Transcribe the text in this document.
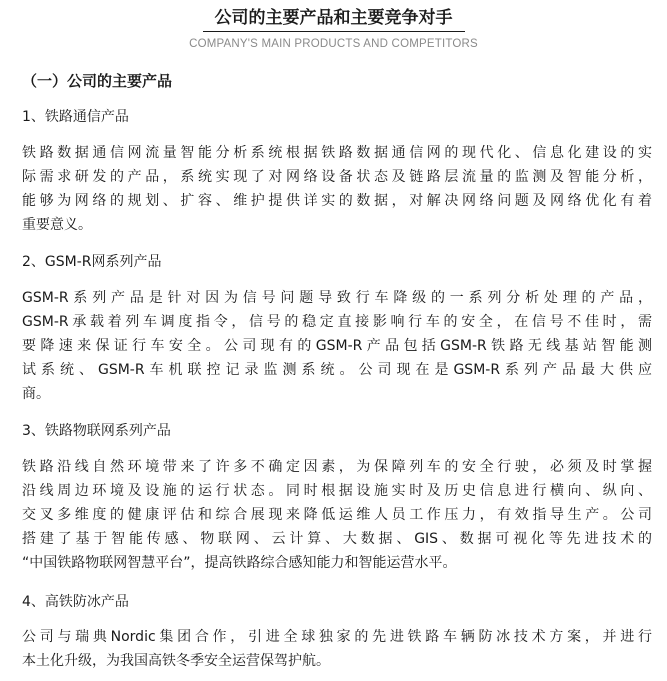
公司的主要产品和主要竞争对手
COMPANY'S MAIN PRODUCTS AND COMPETITORS
（一）公司的主要产品
1、铁路通信产品
铁路数据通信网流量智能分析系统根据铁路数据通信网的现代化、信息化建设的实
际需求研发的产品，系统实现了对网络设备状态及链路层流量的监测及智能分析，
能够为网络的规划、扩容、维护提供详实的数据，对解决网络问题及网络优化有着
重要意义。
2、GSM-R网系列产品
GSM-R系列产品是针对因为信号问题导致行车降级的一系列分析处理的产品，
GSM-R承载着列车调度指令，信号的稳定直接影响行车的安全，在信号不佳时，需
要降速来保证行车安全。公司现有的GSM-R产品包括GSM-R铁路无线基站智能测
试系统、GSM-R车机联控记录监测系统。公司现在是GSM-R系列产品最大供应
商。
3、铁路物联网系列产品
铁路沿线自然环境带来了许多不确定因素，为保障列车的安全行驶，必须及时掌握
沿线周边环境及设施的运行状态。同时根据设施实时及历史信息进行横向、纵向、
交叉多维度的健康评估和综合展现来降低运维人员工作压力，有效指导生产。公司
搭建了基于智能传感、物联网、云计算、大数据、GIS、数据可视化等先进技术的
“中国铁路物联网智慧平台”，提高铁路综合感知能力和智能运营水平。
4、高铁防冰产品
公司与瑞典Nordic集团合作，引进全球独家的先进铁路车辆防冰技术方案，并进行
本土化升级，为我国高铁冬季安全运营保驾护航。
